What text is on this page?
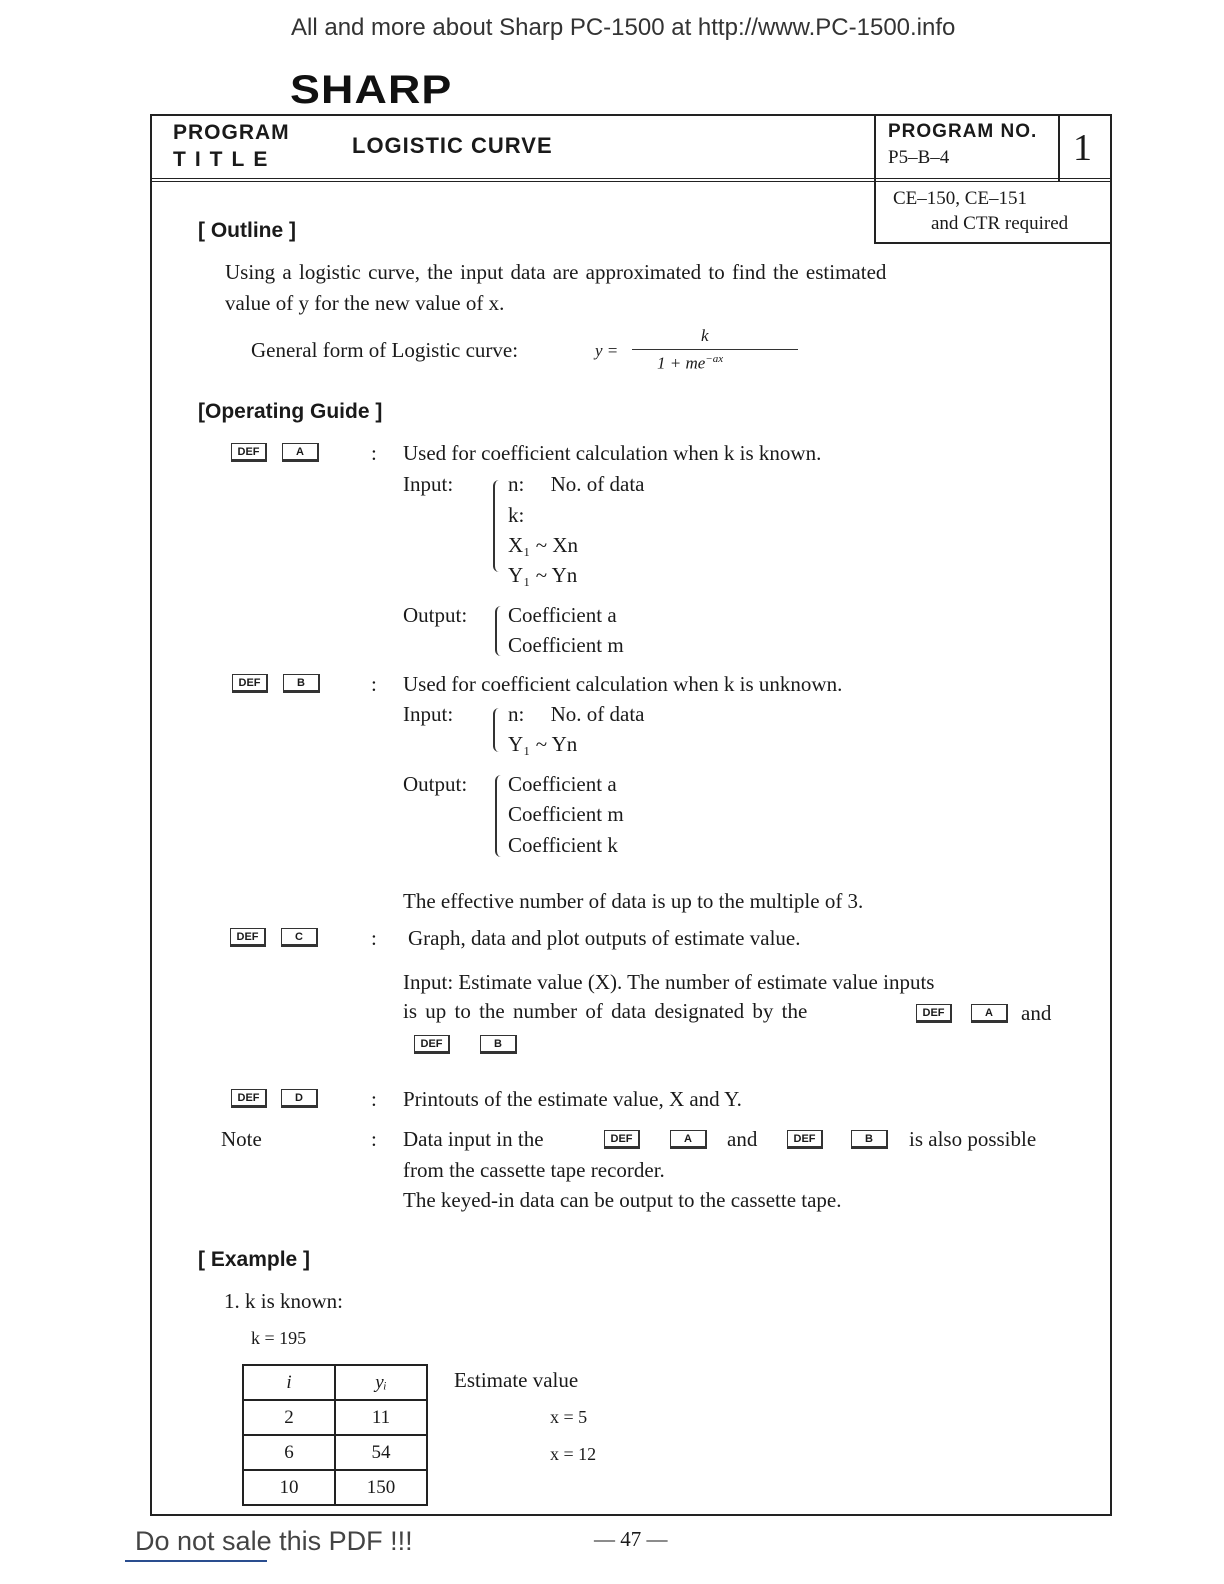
All and more about Sharp PC-1500 at http://www.PC-1500.info
SHARP
PROGRAM
TITLE
LOGISTIC CURVE
PROGRAM NO.
P5–B–4	1
CE–150, CE–151
and CTR required
[ Outline ]
Using a logistic curve, the input data are approximated to find the estimated
value of y for the new value of x.
General form of Logistic curve:	y =
k
$1 + me^{-ax}$
[Operating Guide ]
DEF	A	: Used for coefficient calculation when k is known.
Input:	n:     No. of data
k:
X₁ ~ Xn
Y₁ ~ Yn
Output: Coefficient a
Coefficient m
DEF	B	: Used for coefficient calculation when k is unknown.
Input:	n:     No. of data
Y₁ ~ Yn
Output: Coefficient a
Coefficient m
Coefficient k
The effective number of data is up to the multiple of 3.
DEF	C	: Graph, data and plot outputs of estimate value.
Input: Estimate value (X). The number of estimate value inputs
is up to the number of data designated by the	DEF	A	and
DEF	B
DEF	D	: Printouts of the estimate value, X and Y.
Note	: Data input in the	DEF	A	and	DEF	B	is also possible
from the cassette tape recorder.
The keyed-in data can be output to the cassette tape.
[ Example ]
1. k is known:
k = 195
i	yᵢ
2	11
6	54
10	150
Estimate value
x = 5
x = 12
Do not sale this PDF !!!	— 47 —
